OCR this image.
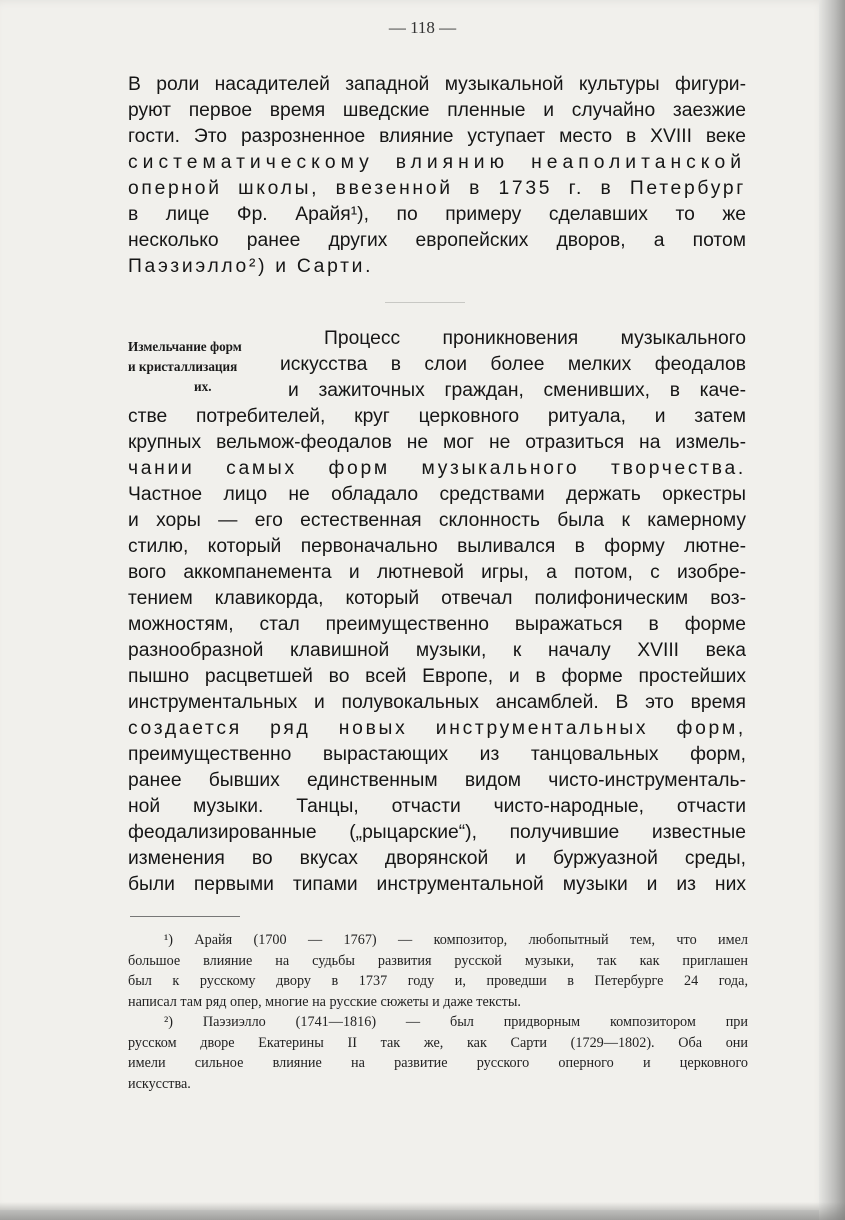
— 118 —
В роли насадителей западной музыкальной культуры фигури-
руют первое время шведские пленные и случайно заезжие
гости. Это разрозненное влияние уступает место в XVIII веке
систематическому влиянию неаполитанской
оперной школы, ввезенной в 1735 г. в Петербург
в лице Фр. Арайя¹), по примеру сделавших то же
несколько ранее других европейских дворов, а потом
Паэзиэлло²) и Сарти.
Измельчание форм
и кристаллизация
их.
Процесс проникновения музыкального
искусства в слои более мелких феодалов
и зажиточных граждан, сменивших, в каче-
стве потребителей, круг церковного ритуала, и затем
крупных вельмож-феодалов не мог не отразиться на измель-
чании самых форм музыкального творчества.
Частное лицо не обладало средствами держать оркестры
и хоры — его естественная склонность была к камерному
стилю, который первоначально выливался в форму лютне-
вого аккомпанемента и лютневой игры, а потом, с изобре-
тением клавикорда, который отвечал полифоническим воз-
можностям, стал преимущественно выражаться в форме
разнообразной клавишной музыки, к началу XVIII века
пышно расцветшей во всей Европе, и в форме простейших
инструментальных и полувокальных ансамблей. В это время
создается ряд новых инструментальных форм,
преимущественно вырастающих из танцовальных форм,
ранее бывших единственным видом чисто-инструменталь-
ной музыки. Танцы, отчасти чисто-народные, отчасти
феодализированные („рыцарские“), получившие известные
изменения во вкусах дворянской и буржуазной среды,
были первыми типами инструментальной музыки и из них
¹) Арайя (1700 — 1767) — композитор, любопытный тем, что имел
большое влияние на судьбы развития русской музыки, так как приглашен
был к русскому двору в 1737 году и, проведши в Петербурге 24 года,
написал там ряд опер, многие на русские сюжеты и даже тексты.
²) Паэзиэлло (1741—1816) — был придворным композитором при
русском дворе Екатерины II так же, как Сарти (1729—1802). Оба они
имели сильное влияние на развитие русского оперного и церковного
искусства.
